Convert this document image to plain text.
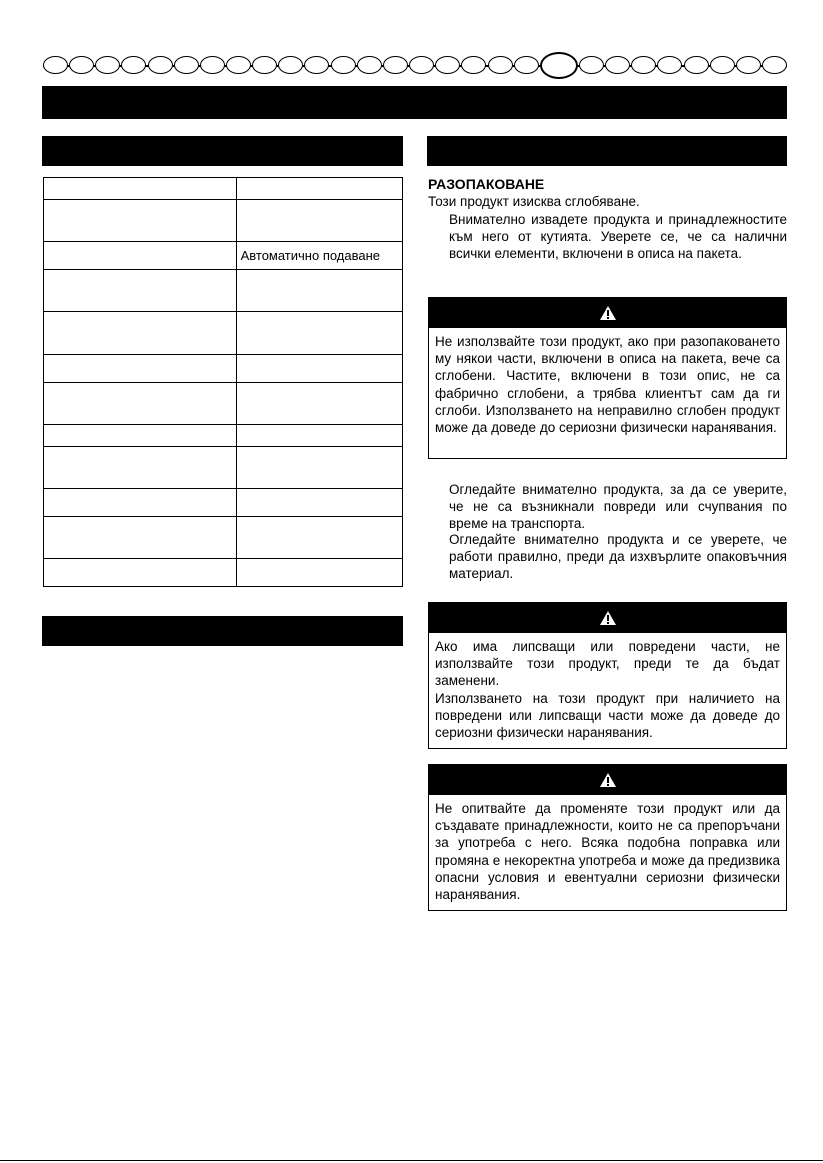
	Автоматично подаване

РАЗОПАКОВАНЕ
Този продукт изисква сглобяване.
Внимателно извадете продукта и принадлежностите към него от кутията. Уверете се, че са налични всички елементи, включени в описа на пакета.

Не използвайте този продукт, ако при разопаковането му някои части, включени в описа на пакета, вече са сглобени. Частите, включени в този опис, не са фабрично сглобени, а трябва клиентът сам да ги сглоби. Използването на неправилно сглобен продукт може да доведе до сериозни физически наранявания.

Огледайте внимателно продукта, за да се уверите, че не са възникнали повреди или счупвания по време на транспорта.
Огледайте внимателно продукта и се уверете, че работи правилно, преди да изхвърлите опаковъчния материал.

Ако има липсващи или повредени части, не използвайте този продукт, преди те да бъдат заменени.

Използването на този продукт при наличието на повредени или липсващи части може да доведе до сериозни физически наранявания.

Не опитвайте да променяте този продукт или да създавате принадлежности, които не са препоръчани за употреба с него. Всяка подобна поправка или промяна е некоректна употреба и може да предизвика опасни условия и евентуални сериозни физически наранявания.
